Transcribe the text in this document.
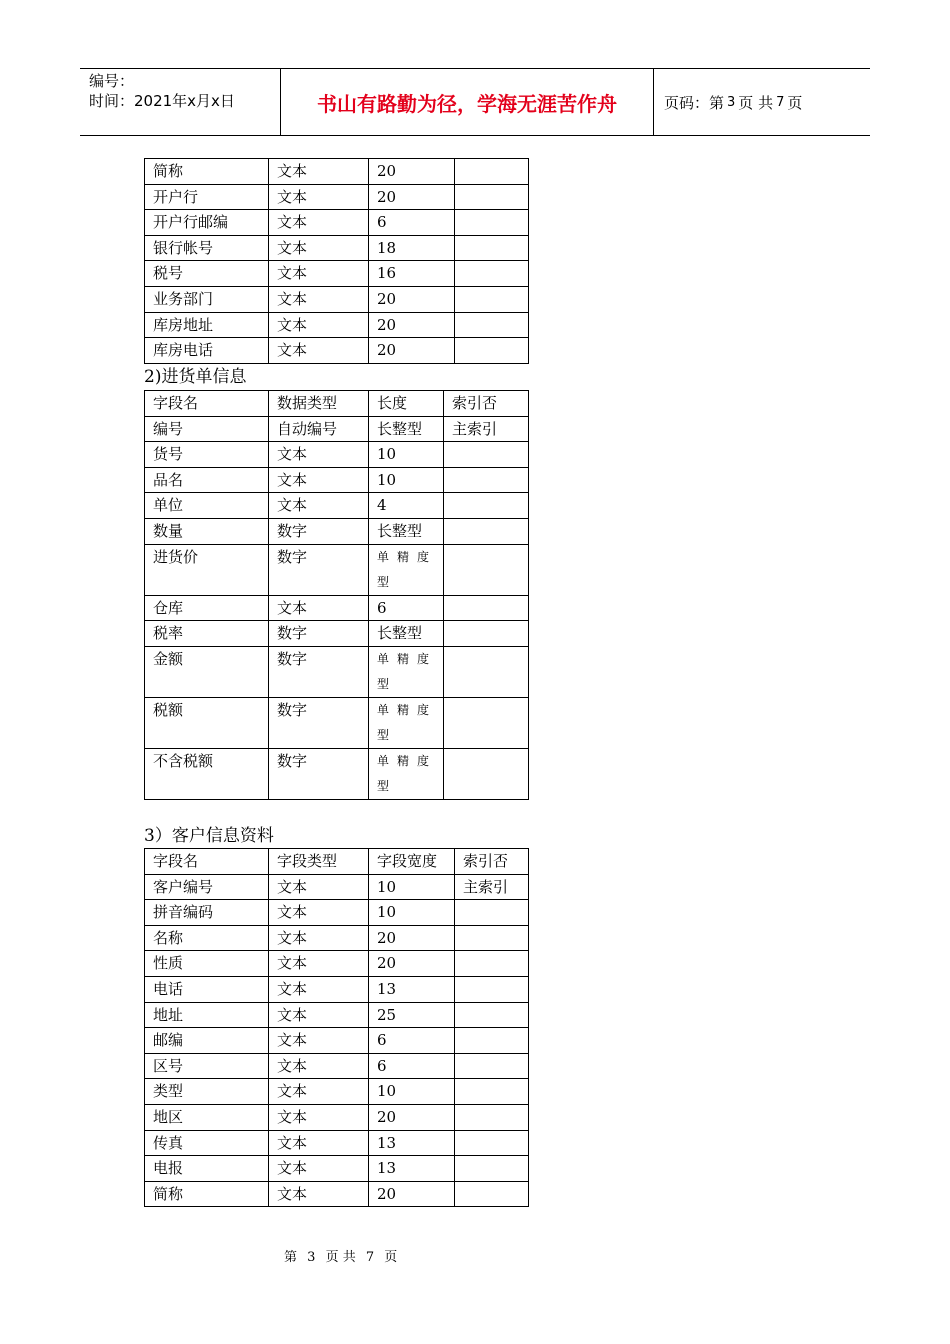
编号：
时间：2021年x月x日	书山有路勤为径，学海无涯苦作舟	页码：第 3 页 共 7 页
简称	文本	20	
开户行	文本	20	
开户行邮编	文本	6	
银行帐号	文本	18	
税号	文本	16	
业务部门	文本	20	
库房地址	文本	20	
库房电话	文本	20	
2)进货单信息
字段名	数据类型	长度	索引否
编号	自动编号	长整型	主索引
货号	文本	10	
品名	文本	10	
单位	文本	4	
数量	数字	长整型	
进货价	数字	单精度型	

仓库	文本	6	
税率	数字	长整型	
金额	数字	单精度型	

税额	数字	单精度型	

不含税额	数字	单精度型	

3）客户信息资料
字段名	字段类型	字段宽度	索引否
客户编号	文本	10	主索引
拼音编码	文本	10	
名称	文本	20	
性质	文本	20	
电话	文本	13	
地址	文本	25	
邮编	文本	6	
区号	文本	6	
类型	文本	10	
地区	文本	20	
传真	文本	13	
电报	文本	13	
简称	文本	20	
第 3 页 共 7 页
